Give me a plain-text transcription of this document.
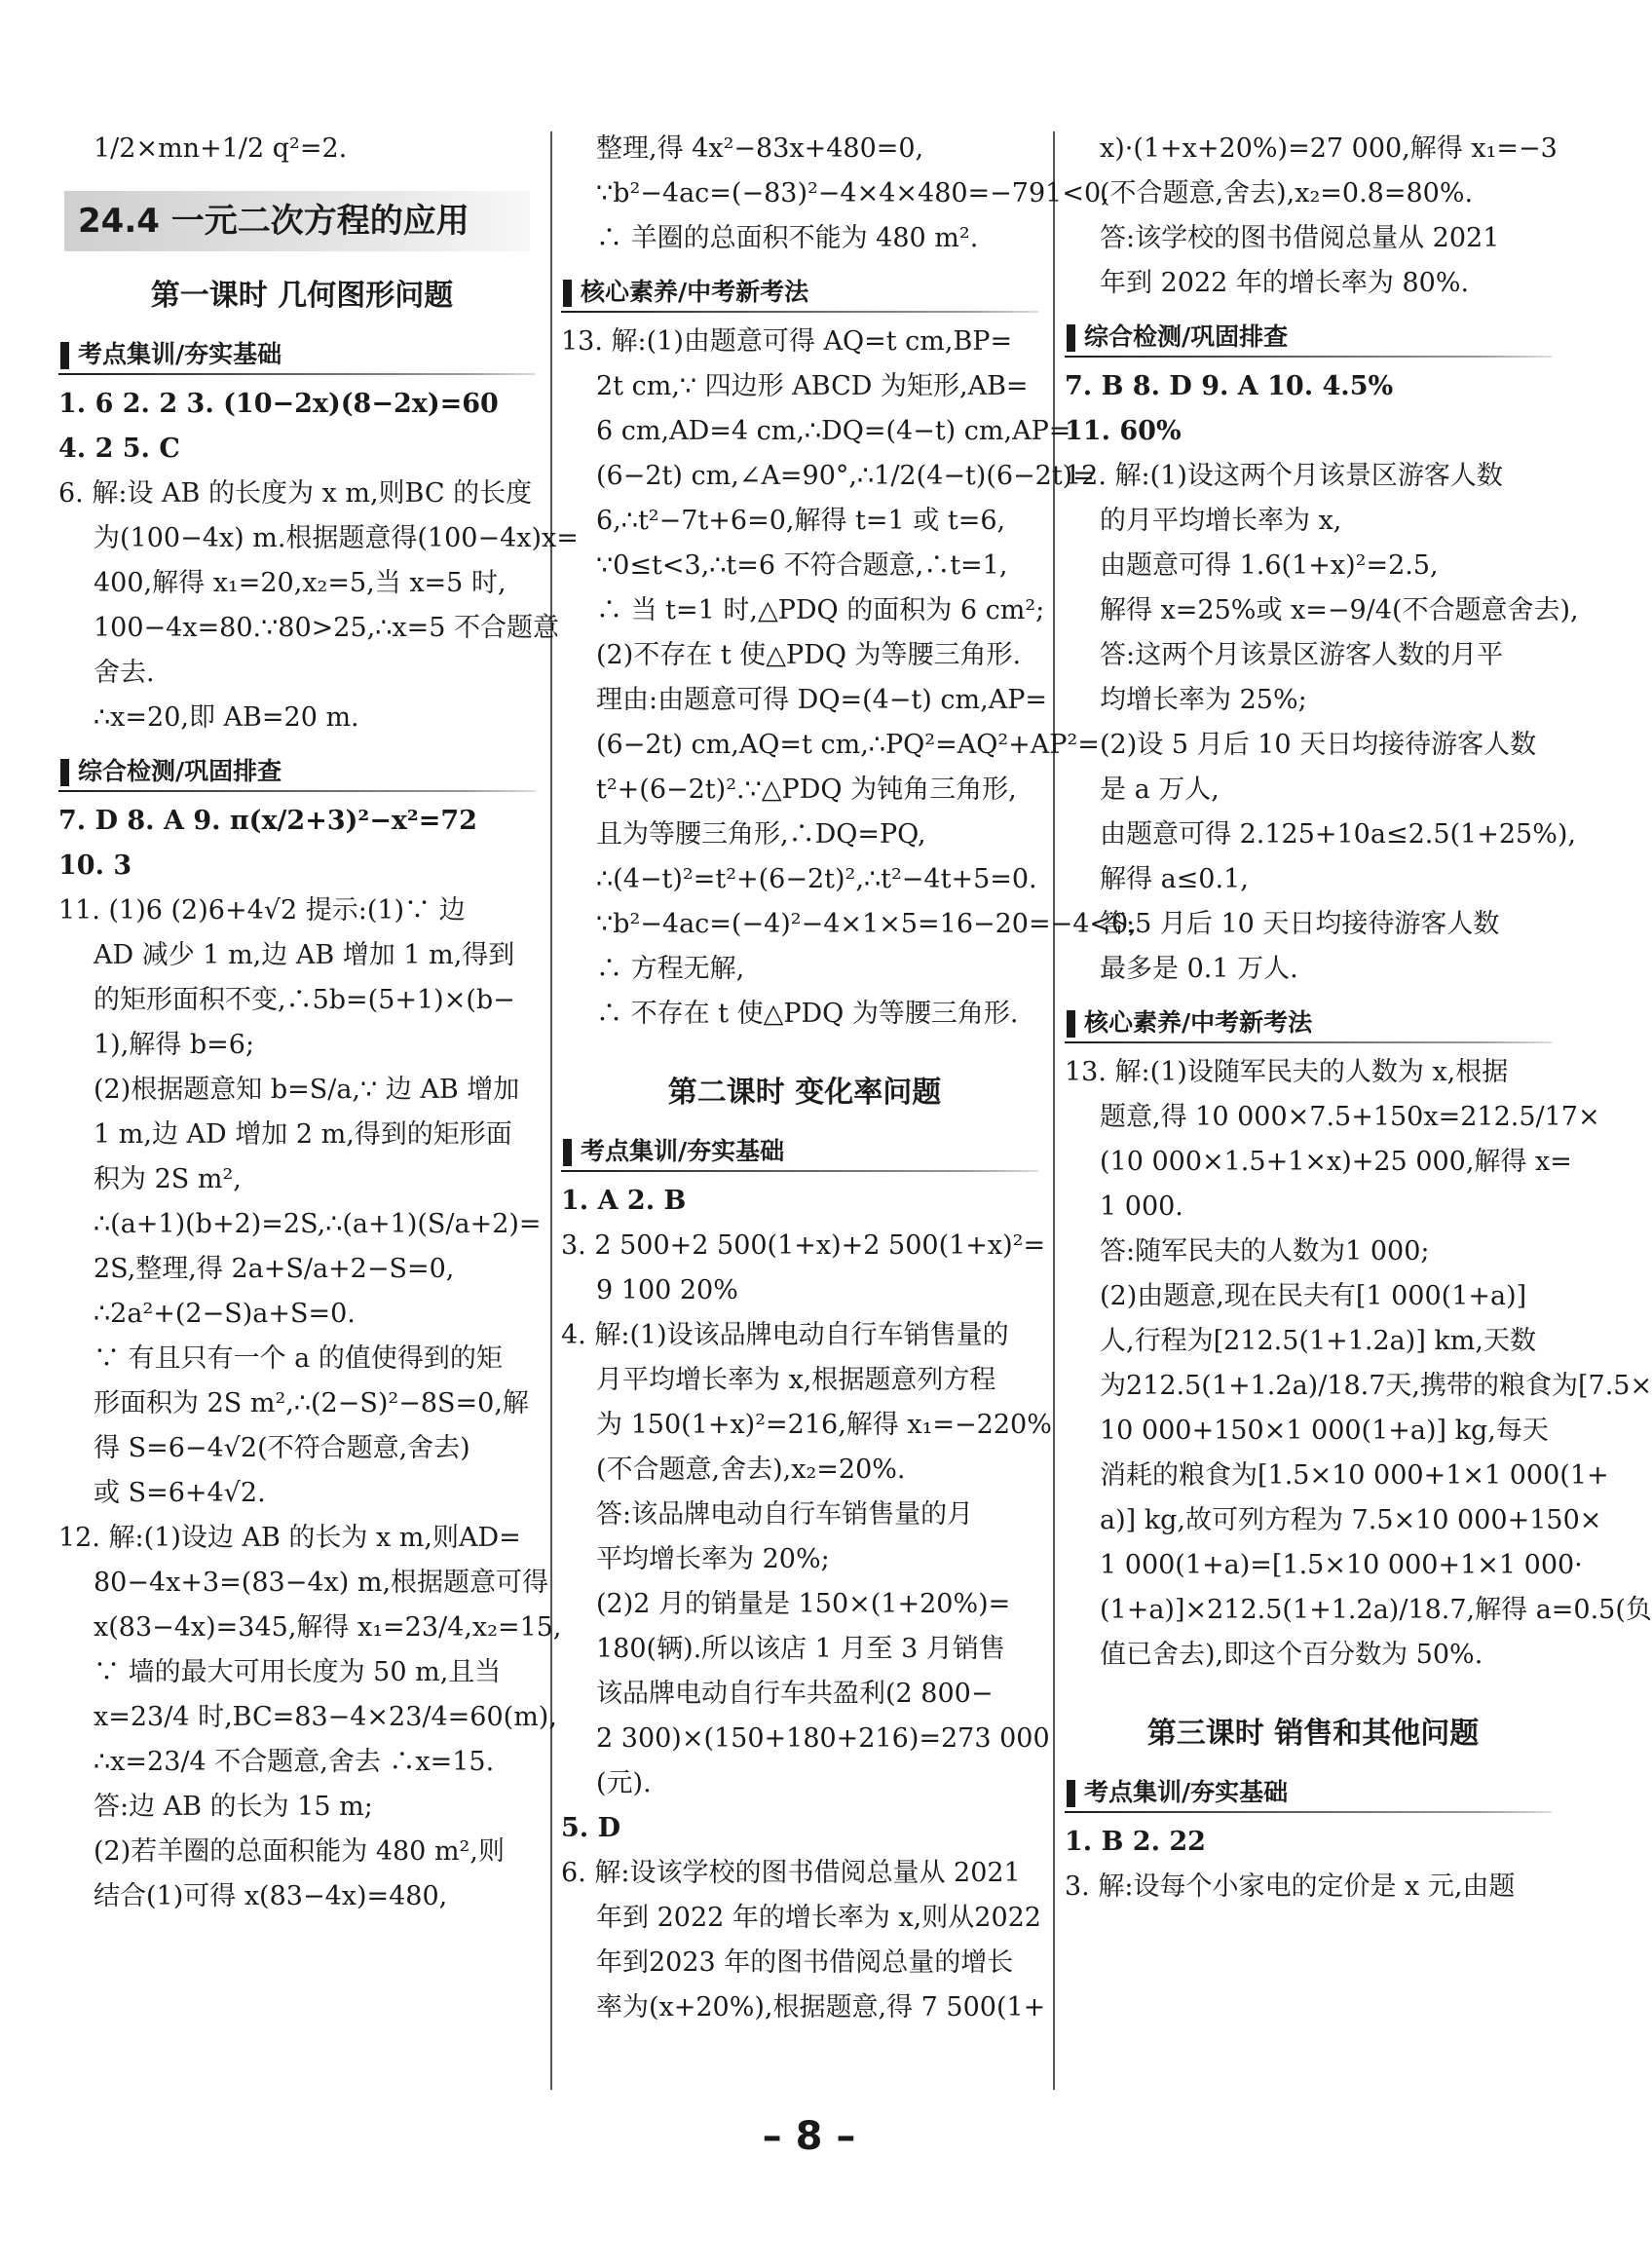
1/2×mn+1/2 q²=2.
24.4 一元二次方程的应用
第一课时 几何图形问题
考点集训/夯实基础
1. 6 2. 2 3. (10−2x)(8−2x)=60
4. 2 5. C
6. 解:设 AB 的长度为 x m,则BC 的长度
为(100−4x) m.根据题意得(100−4x)x=
400,解得 x₁=20,x₂=5,当 x=5 时,
100−4x=80.∵80>25,∴x=5 不合题意
舍去.
∴x=20,即 AB=20 m.
综合检测/巩固排查
7. D 8. A 9. π(x/2+3)²−x²=72
10. 3
11. (1)6 (2)6+4√2 提示:(1)∵ 边
AD 减少 1 m,边 AB 增加 1 m,得到
的矩形面积不变,∴5b=(5+1)×(b−
1),解得 b=6;
(2)根据题意知 b=S/a,∵ 边 AB 增加
1 m,边 AD 增加 2 m,得到的矩形面
积为 2S m²,
∴(a+1)(b+2)=2S,∴(a+1)(S/a+2)=
2S,整理,得 2a+S/a+2−S=0,
∴2a²+(2−S)a+S=0.
∵ 有且只有一个 a 的值使得到的矩
形面积为 2S m²,∴(2−S)²−8S=0,解
得 S=6−4√2(不符合题意,舍去)
或 S=6+4√2.
12. 解:(1)设边 AB 的长为 x m,则AD=
80−4x+3=(83−4x) m,根据题意可得
x(83−4x)=345,解得 x₁=23/4,x₂=15,
∵ 墙的最大可用长度为 50 m,且当
x=23/4 时,BC=83−4×23/4=60(m),
∴x=23/4 不合题意,舍去 ∴x=15.
答:边 AB 的长为 15 m;
(2)若羊圈的总面积能为 480 m²,则
结合(1)可得 x(83−4x)=480,
整理,得 4x²−83x+480=0,
∵b²−4ac=(−83)²−4×4×480=−791<0,
∴ 羊圈的总面积不能为 480 m².
核心素养/中考新考法
13. 解:(1)由题意可得 AQ=t cm,BP=
2t cm,∵ 四边形 ABCD 为矩形,AB=
6 cm,AD=4 cm,∴DQ=(4−t) cm,AP=
(6−2t) cm,∠A=90°,∴1/2(4−t)(6−2t)=
6,∴t²−7t+6=0,解得 t=1 或 t=6,
∵0≤t<3,∴t=6 不符合题意,∴t=1,
∴ 当 t=1 时,△PDQ 的面积为 6 cm²;
(2)不存在 t 使△PDQ 为等腰三角形.
理由:由题意可得 DQ=(4−t) cm,AP=
(6−2t) cm,AQ=t cm,∴PQ²=AQ²+AP²=
t²+(6−2t)².∵△PDQ 为钝角三角形,
且为等腰三角形,∴DQ=PQ,
∴(4−t)²=t²+(6−2t)²,∴t²−4t+5=0.
∵b²−4ac=(−4)²−4×1×5=16−20=−4<0,
∴ 方程无解,
∴ 不存在 t 使△PDQ 为等腰三角形.
第二课时 变化率问题
考点集训/夯实基础
1. A 2. B
3. 2 500+2 500(1+x)+2 500(1+x)²=
9 100 20%
4. 解:(1)设该品牌电动自行车销售量的
月平均增长率为 x,根据题意列方程
为 150(1+x)²=216,解得 x₁=−220%
(不合题意,舍去),x₂=20%.
答:该品牌电动自行车销售量的月
平均增长率为 20%;
(2)2 月的销量是 150×(1+20%)=
180(辆).所以该店 1 月至 3 月销售
该品牌电动自行车共盈利(2 800−
2 300)×(150+180+216)=273 000
(元).
5. D
6. 解:设该学校的图书借阅总量从 2021
年到 2022 年的增长率为 x,则从2022
年到2023 年的图书借阅总量的增长
率为(x+20%),根据题意,得 7 500(1+
x)·(1+x+20%)=27 000,解得 x₁=−3
(不合题意,舍去),x₂=0.8=80%.
答:该学校的图书借阅总量从 2021
年到 2022 年的增长率为 80%.
综合检测/巩固排查
7. B 8. D 9. A 10. 4.5%
11. 60%
12. 解:(1)设这两个月该景区游客人数
的月平均增长率为 x,
由题意可得 1.6(1+x)²=2.5,
解得 x=25%或 x=−9/4(不合题意舍去),
答:这两个月该景区游客人数的月平
均增长率为 25%;
(2)设 5 月后 10 天日均接待游客人数
是 a 万人,
由题意可得 2.125+10a≤2.5(1+25%),
解得 a≤0.1,
答:5 月后 10 天日均接待游客人数
最多是 0.1 万人.
核心素养/中考新考法
13. 解:(1)设随军民夫的人数为 x,根据
题意,得 10 000×7.5+150x=212.5/17×
(10 000×1.5+1×x)+25 000,解得 x=
1 000.
答:随军民夫的人数为1 000;
(2)由题意,现在民夫有[1 000(1+a)]
人,行程为[212.5(1+1.2a)] km,天数
为212.5(1+1.2a)/18.7天,携带的粮食为[7.5×
10 000+150×1 000(1+a)] kg,每天
消耗的粮食为[1.5×10 000+1×1 000(1+
a)] kg,故可列方程为 7.5×10 000+150×
1 000(1+a)=[1.5×10 000+1×1 000·
(1+a)]×212.5(1+1.2a)/18.7,解得 a=0.5(负
值已舍去),即这个百分数为 50%.
第三课时 销售和其他问题
考点集训/夯实基础
1. B 2. 22
3. 解:设每个小家电的定价是 x 元,由题
– 8 –
